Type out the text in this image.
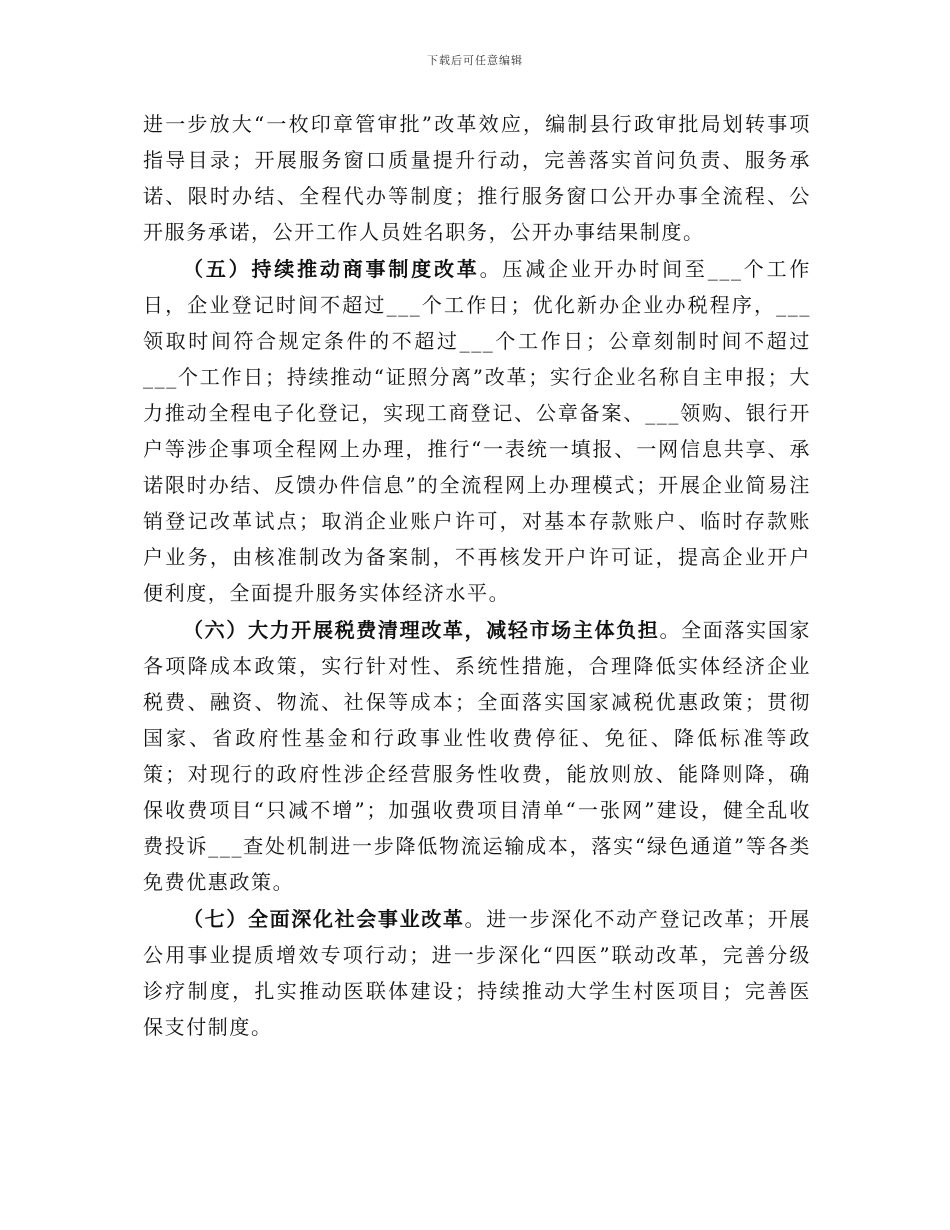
下载后可任意编辑

进一步放大“一枚印章管审批”改革效应，编制县行政审批局划转事项指导目录；开展服务窗口质量提升行动，完善落实首问负责、服务承诺、限时办结、全程代办等制度；推行服务窗口公开办事全流程、公开服务承诺，公开工作人员姓名职务，公开办事结果制度。

（五）持续推动商事制度改革。压减企业开办时间至___个工作日，企业登记时间不超过___个工作日；优化新办企业办税程序，___领取时间符合规定条件的不超过___个工作日；公章刻制时间不超过___个工作日；持续推动“证照分离”改革；实行企业名称自主申报；大力推动全程电子化登记，实现工商登记、公章备案、___领购、银行开户等涉企事项全程网上办理，推行“一表统一填报、一网信息共享、承诺限时办结、反馈办件信息”的全流程网上办理模式；开展企业简易注销登记改革试点；取消企业账户许可，对基本存款账户、临时存款账户业务，由核准制改为备案制，不再核发开户许可证，提高企业开户便利度，全面提升服务实体经济水平。

（六）大力开展税费清理改革，减轻市场主体负担。全面落实国家各项降成本政策，实行针对性、系统性措施，合理降低实体经济企业税费、融资、物流、社保等成本；全面落实国家减税优惠政策；贯彻国家、省政府性基金和行政事业性收费停征、免征、降低标准等政策；对现行的政府性涉企经营服务性收费，能放则放、能降则降，确保收费项目“只减不增”；加强收费项目清单“一张网”建设，健全乱收费投诉___查处机制进一步降低物流运输成本，落实“绿色通道”等各类免费优惠政策。

（七）全面深化社会事业改革。进一步深化不动产登记改革；开展公用事业提质增效专项行动；进一步深化“四医”联动改革，完善分级诊疗制度，扎实推动医联体建设；持续推动大学生村医项目；完善医保支付制度。
